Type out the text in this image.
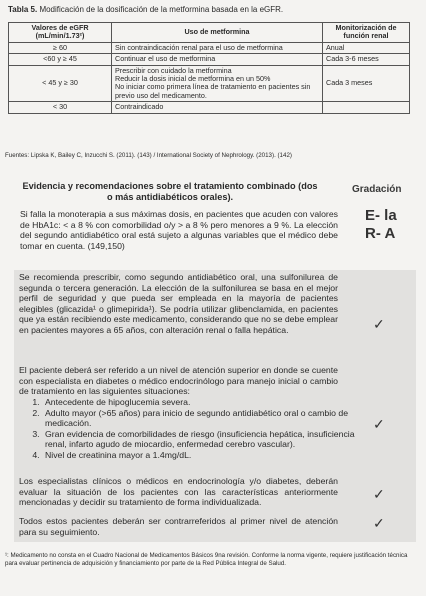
Tabla 5. Modificación de la dosificación de la metformina basada en la eGFR.
Valores de eGFR (mL/min/1.73²)	Uso de metformina	Monitorización de función renal
≥ 60	Sin contraindicación renal para el uso de metformina	Anual
<60 y ≥ 45	Continuar el uso de metformina	Cada 3-6 meses
< 45 y ≥ 30	Prescribir con cuidado la metformina
Reducir la dosis inicial de metformina en un 50%
No iniciar como primera línea de tratamiento en pacientes sin previo uso del medicamento.	Cada 3 meses
< 30	Contraindicado	
Fuentes: Lipska K, Bailey C, Inzucchi S. (2011). (143) / International Society of Nephrology. (2013). (142)
Evidencia y recomendaciones sobre el tratamiento combinado (dos o más antidiabéticos orales).
Gradación
Si falla la monoterapia a sus máximas dosis, en pacientes que acuden con valores de HbA1c: < a 8 % con comorbilidad o/y > a 8 % pero menores a 9 %. La elección del segundo antidiabético oral está sujeto a algunas variables que el médico debe tomar en cuenta. (149,150)
E- la
R- A
Se recomienda prescribir, como segundo antidiabético oral, una sulfonilurea de segunda o tercera generación. La elección de la sulfonilurea se basa en el mejor perfil de seguridad y que pueda ser empleada en la mayoría de pacientes elegibles (glicazida¹ o glimepirida¹). Se podría utilizar glibenclamida, en pacientes que ya están recibiendo este medicamento, considerando que no se debe emplear en pacientes mayores a 65 años, con alteración renal o falla hepática.	✓
El paciente deberá ser referido a un nivel de atención superior en donde se cuente con especialista en diabetes o médico endocrinólogo para manejo inicial o cambio de tratamiento en las siguientes situaciones:
1. Antecedente de hipoglucemia severa.
2. Adulto mayor (>65 años) para inicio de segundo antidiabético oral o cambio de medicación.
3. Gran evidencia de comorbilidades de riesgo (insuficiencia hepática, insuficiencia renal, infarto agudo de miocardio, enfermedad cerebro vascular).
4. Nivel de creatinina mayor a 1.4mg/dL.
✓
Los especialistas clínicos o médicos en endocrinología y/o diabetes, deberán evaluar la situación de los pacientes con las características anteriormente mencionadas y decidir su tratamiento de forma individualizada.	✓
Todos estos pacientes deberán ser contrarreferidos al primer nivel de atención para su seguimiento.
✓
¹: Medicamento no consta en el Cuadro Nacional de Medicamentos Básicos 9na revisión. Conforme la norma vigente, requiere justificación técnica para evaluar pertinencia de adquisición y financiamiento por parte de la Red Pública Integral de Salud.
